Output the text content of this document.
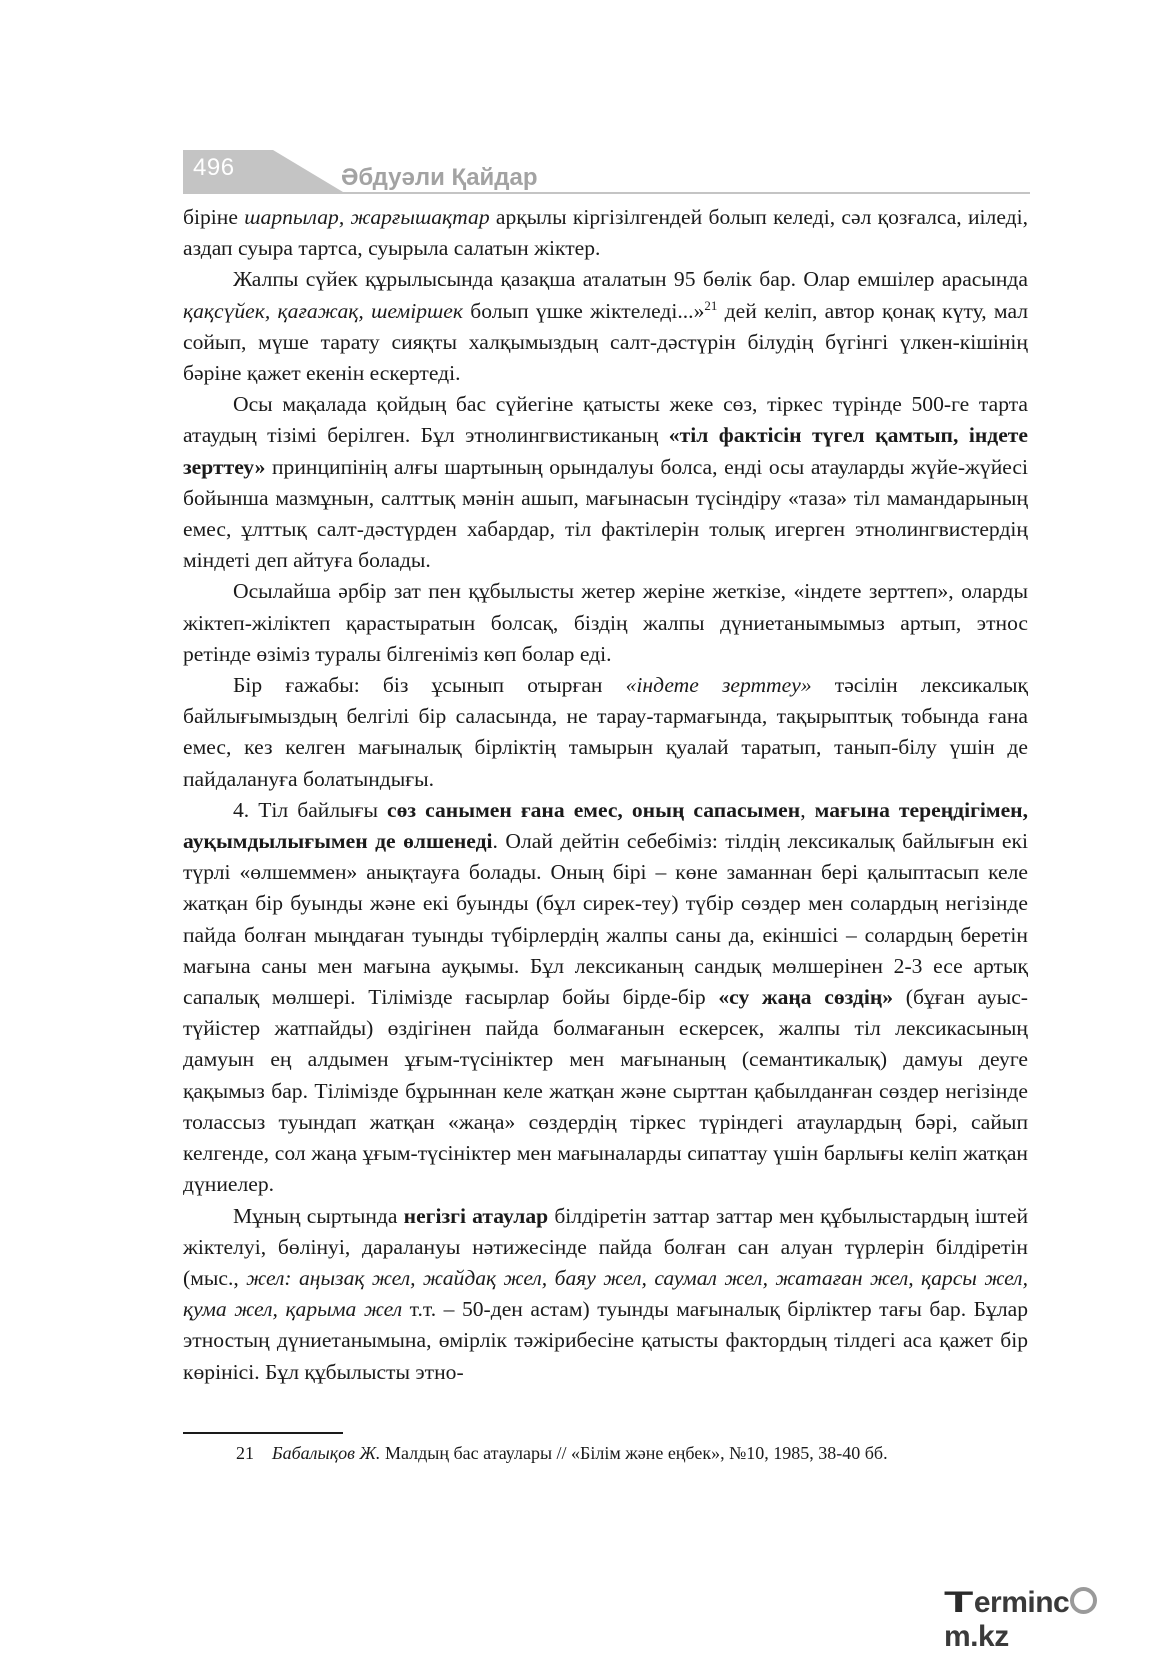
496	Әбдуәли Қайдар

біріне шарпылар, жарғышақтар арқылы кіргізілгендей болып келеді, сәл қозғалса, иіледі, аздап суыра тартса, суырыла салатын жіктер.

Жалпы сүйек құрылысында қазақша аталатын 95 бөлік бар. Олар емшілер арасында қақсүйек, қағажақ, шеміршек болып үшке жіктеледі...»$^{21}$ дей келіп, автор қонақ күту, мал сойып, мүше тарату сияқты халқымыздың салт-дәстүрін білудің бүгінгі үлкен-кішінің бәріне қажет екенін ескертеді.

Осы мақалада қойдың бас сүйегіне қатысты жеке сөз, тіркес түрінде 500-ге тарта атаудың тізімі берілген. Бұл этнолингвистиканың «тіл фактісін түгел қамтып, індете зерттеу» принципінің алғы шартының орындалуы болса, енді осы атауларды жүйе-жүйесі бойынша мазмұнын, салттық мәнін ашып, мағынасын түсіндіру «таза» тіл мамандарының емес, ұлттық салт-дәстүрден хабардар, тіл фактілерін толық игерген этнолингвистердің міндеті деп айтуға болады.

Осылайша әрбір зат пен құбылысты жетер жеріне жеткізе, «індете зерттеп», оларды жіктеп-жіліктеп қарастыратын болсақ, біздің жалпы дүниетанымымыз артып, этнос ретінде өзіміз туралы білгеніміз көп болар еді.

Бір ғажабы: біз ұсынып отырған «індете зерттеу» тәсілін лексикалық байлығымыздың белгілі бір саласында, не тарау-тармағында, тақырыптық тобында ғана емес, кез келген мағыналық бірліктің тамырын қуалай таратып, танып-білу үшін де пайдалануға болатындығы.

4. Тіл байлығы сөз санымен ғана емес, оның сапасымен, мағына тереңдігімен, ауқымдылығымен де өлшенеді. Олай дейтін себебіміз: тілдің лексикалық байлығын екі түрлі «өлшеммен» анықтауға болады. Оның бірі – көне заманнан бері қалыптасып келе жатқан бір буынды және екі буынды (бұл сирек-теу) түбір сөздер мен солардың негізінде пайда болған мыңдаған туынды түбірлердің жалпы саны да, екіншісі – солардың беретін мағына саны мен мағына ауқымы. Бұл лексиканың сандық мөлшерінен 2-3 есе артық сапалық мөлшері. Тілімізде ғасырлар бойы бірде-бір «су жаңа сөздің» (бұған ауыс-түйістер жатпайды) өздігінен пайда болмағанын ескерсек, жалпы тіл лексикасының дамуын ең алдымен ұғым-түсініктер мен мағынаның (семантикалық) дамуы деуге қақымыз бар. Тілімізде бұрыннан келе жатқан және сырттан қабылданған сөздер негізінде толассыз туындап жатқан «жаңа» сөздердің тіркес түріндегі атаулардың бәрі, сайып келгенде, сол жаңа ұғым-түсініктер мен мағыналарды сипаттау үшін барлығы келіп жатқан дүниелер.

Мұның сыртында негізгі атаулар білдіретін заттар заттар мен құбылыстардың іштей жіктелуі, бөлінуі, даралануы нәтижесінде пайда болған сан алуан түрлерін білдіретін (мыс., жел: аңызақ жел, жайдақ жел, баяу жел, саумал жел, жатаған жел, қарсы жел, қума жел, қарыма жел т.т. – 50-ден астам) туынды мағыналық бірліктер тағы бар. Бұлар этностың дүниетанымына, өмірлік тәжірибесіне қатысты фактордың тілдегі аса қажет бір көрінісі. Бұл құбылысты этно-

21 Бабалықов Ж. Малдың бас атаулары // «Білім және еңбек», №10, 1985, 38-40 бб.
Termincm.kz
